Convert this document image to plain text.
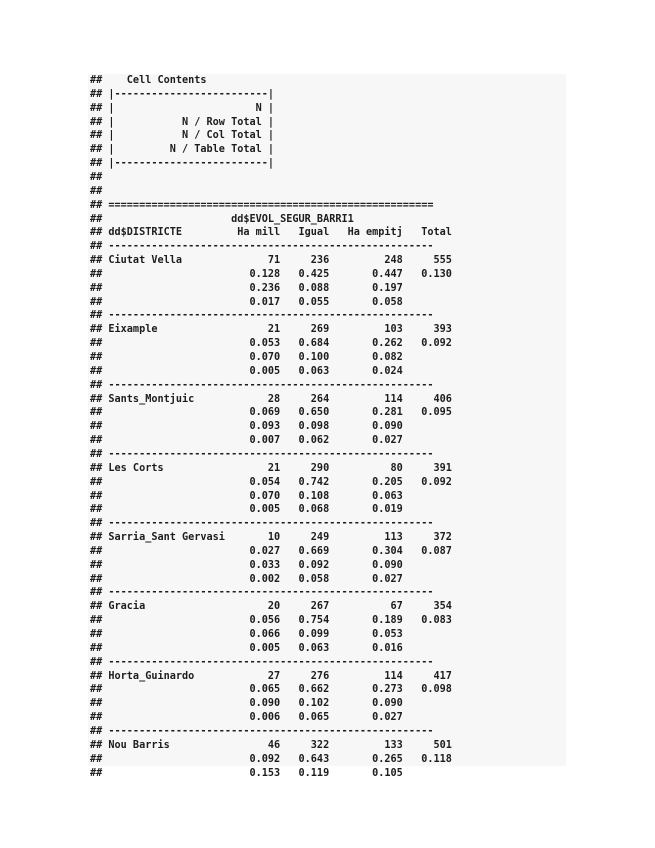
##    Cell Contents
## |-------------------------|
## |                       N |
## |           N / Row Total |
## |           N / Col Total |
## |         N / Table Total |
## |-------------------------|
##
##
## =====================================================
##                     dd$EVOL_SEGUR_BARRI1
## dd$DISTRICTE         Ha mill   Igual   Ha empitj   Total
## -----------------------------------------------------
## Ciutat Vella              71     236         248     555
##                        0.128   0.425       0.447   0.130
##                        0.236   0.088       0.197
##                        0.017   0.055       0.058
## -----------------------------------------------------
## Eixample                  21     269         103     393
##                        0.053   0.684       0.262   0.092
##                        0.070   0.100       0.082
##                        0.005   0.063       0.024
## -----------------------------------------------------
## Sants_Montjuic            28     264         114     406
##                        0.069   0.650       0.281   0.095
##                        0.093   0.098       0.090
##                        0.007   0.062       0.027
## -----------------------------------------------------
## Les Corts                 21     290          80     391
##                        0.054   0.742       0.205   0.092
##                        0.070   0.108       0.063
##                        0.005   0.068       0.019
## -----------------------------------------------------
## Sarria_Sant Gervasi       10     249         113     372
##                        0.027   0.669       0.304   0.087
##                        0.033   0.092       0.090
##                        0.002   0.058       0.027
## -----------------------------------------------------
## Gracia                    20     267          67     354
##                        0.056   0.754       0.189   0.083
##                        0.066   0.099       0.053
##                        0.005   0.063       0.016
## -----------------------------------------------------
## Horta_Guinardo            27     276         114     417
##                        0.065   0.662       0.273   0.098
##                        0.090   0.102       0.090
##                        0.006   0.065       0.027
## -----------------------------------------------------
## Nou Barris                46     322         133     501
##                        0.092   0.643       0.265   0.118
##                        0.153   0.119       0.105
